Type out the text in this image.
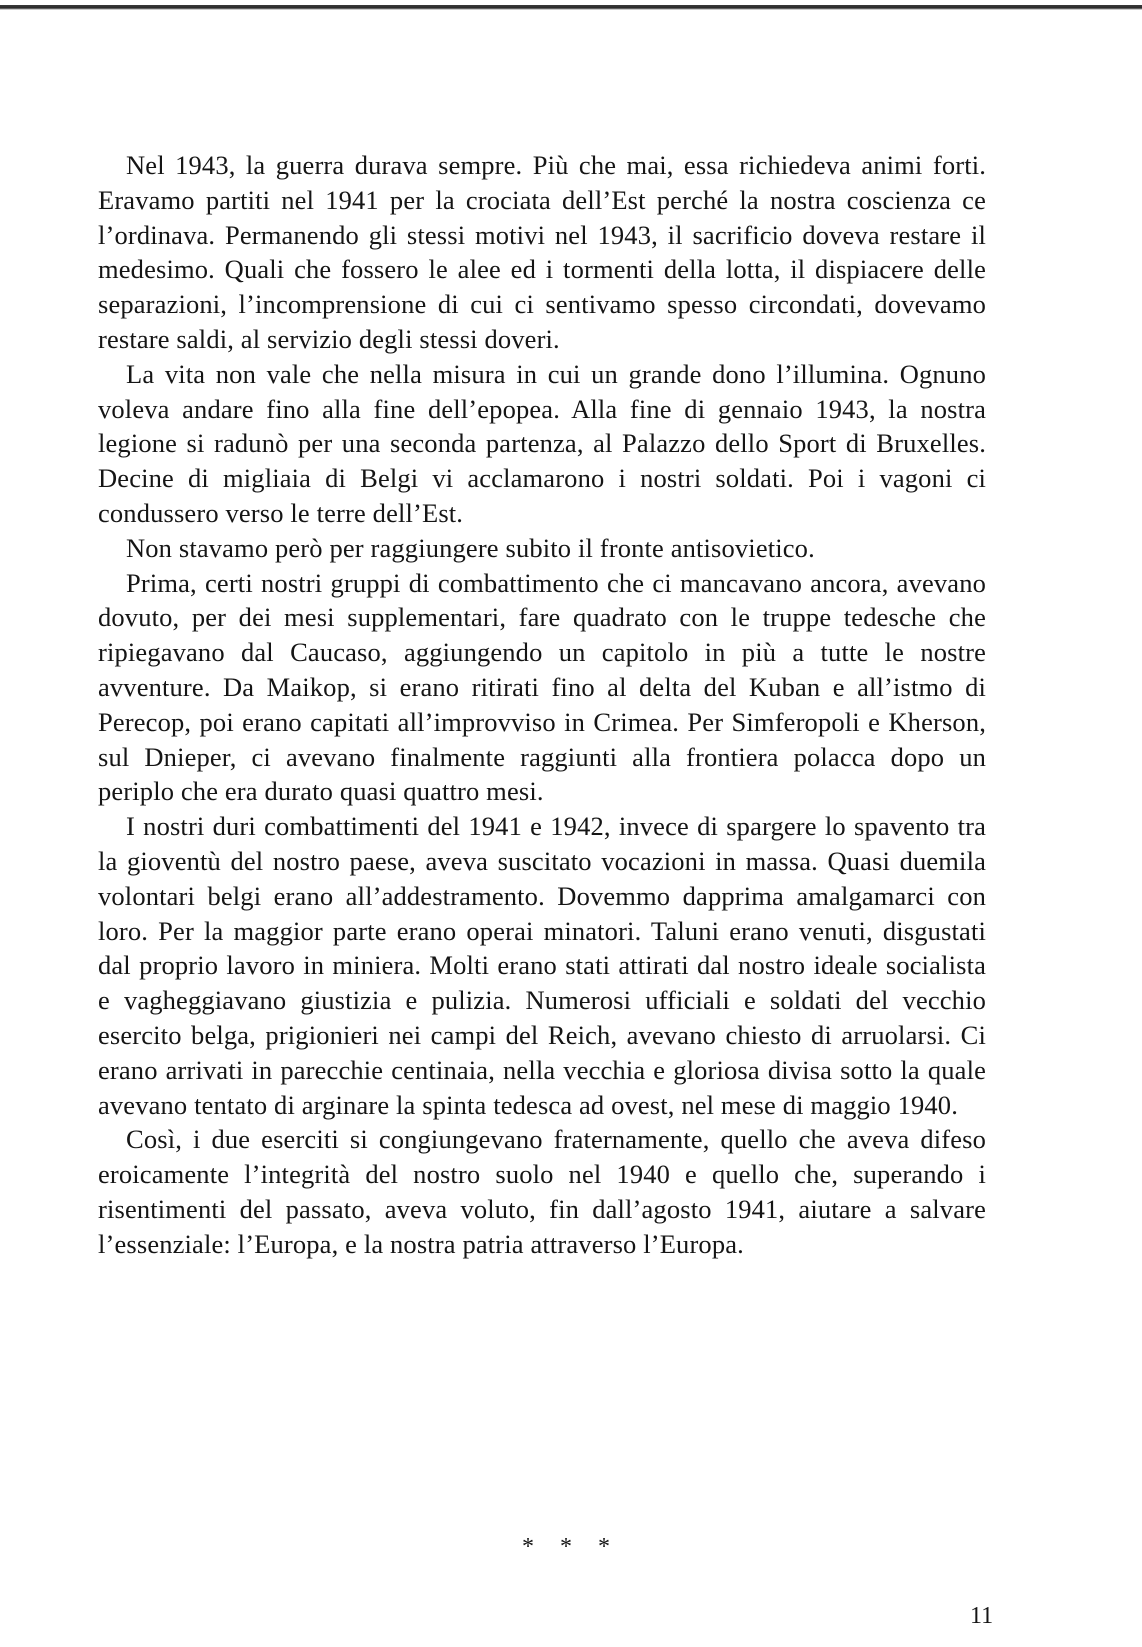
Nel 1943, la guerra durava sempre. Più che mai, essa richiedeva animi forti. Eravamo partiti nel 1941 per la crociata dell’Est perché la nostra coscienza ce l’ordinava. Permanendo gli stessi motivi nel 1943, il sacrificio doveva restare il medesimo. Quali che fossero le alee ed i tormenti della lotta, il dispiacere delle separazioni, l’incomprensione di cui ci sentivamo spesso circondati, dovevamo restare saldi, al servizio degli stessi doveri.

La vita non vale che nella misura in cui un grande dono l’illumina. Ognuno voleva andare fino alla fine dell’epopea. Alla fine di gennaio 1943, la nostra legione si radunò per una seconda partenza, al Palazzo dello Sport di Bruxelles. Decine di migliaia di Belgi vi acclamarono i nostri soldati. Poi i vagoni ci condussero verso le terre dell’Est.

Non stavamo però per raggiungere subito il fronte antisovietico.

Prima, certi nostri gruppi di combattimento che ci mancavano ancora, avevano dovuto, per dei mesi supplementari, fare quadrato con le truppe tedesche che ripiegavano dal Caucaso, aggiungendo un capitolo in più a tutte le nostre avventure. Da Maikop, si erano ritirati fino al delta del Kuban e all’istmo di Perecop, poi erano capitati all’improvviso in Crimea. Per Simferopoli e Kherson, sul Dnieper, ci avevano finalmente raggiunti alla frontiera polacca dopo un periplo che era durato quasi quattro mesi.

I nostri duri combattimenti del 1941 e 1942, invece di spargere lo spavento tra la gioventù del nostro paese, aveva suscitato vocazioni in massa. Quasi duemila volontari belgi erano all’addestramento. Dovemmo dapprima amalgamarci con loro. Per la maggior parte erano operai minatori. Taluni erano venuti, disgustati dal proprio lavoro in miniera. Molti erano stati attirati dal nostro ideale socialista e vagheggiavano giustizia e pulizia. Numerosi ufficiali e soldati del vecchio esercito belga, prigionieri nei campi del Reich, avevano chiesto di arruolarsi. Ci erano arrivati in parecchie centinaia, nella vecchia e gloriosa divisa sotto la quale avevano tentato di arginare la spinta tedesca ad ovest, nel mese di maggio 1940.

Così, i due eserciti si congiungevano fraternamente, quello che aveva difeso eroicamente l’integrità del nostro suolo nel 1940 e quello che, superando i risentimenti del passato, aveva voluto, fin dall’agosto 1941, aiutare a salvare l’essenziale: l’Europa, e la nostra patria attraverso l’Europa.

* * *
11
